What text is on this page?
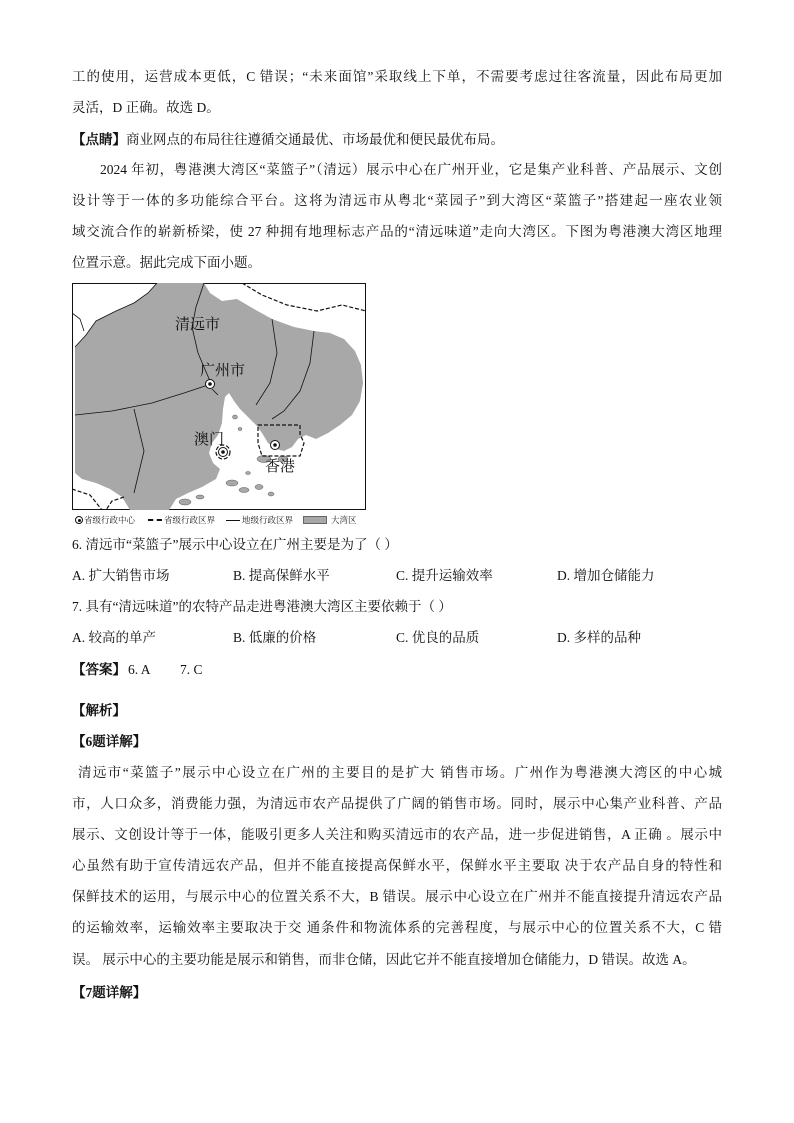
工的使用，运营成本更低，C 错误；“未来面馆”采取线上下单，不需要考虑过往客流量，因此布局更加
灵活，D 正确。故选 D。
【点睛】商业网点的布局往往遵循交通最优、市场最优和便民最优布局。
2024 年初，粤港澳大湾区“菜篮子”（清远）展示中心在广州开业，它是集产业科普、产品展示、文创
设计等于一体的多功能综合平台。这将为清远市从粤北“菜园子”到大湾区“菜篮子”搭建起一座农业领
域交流合作的崭新桥梁，使 27 种拥有地理标志产品的“清远味道”走向大湾区。下图为粤港澳大湾区地理
位置示意。据此完成下面小题。
清远市
广州市
澳门
香港
省级行政中心	省级行政区界	地级行政区界	大湾区
6. 清远市“菜篮子”展示中心设立在广州主要是为了（ ）
A. 扩大销售市场	B. 提高保鲜水平	C. 提升运输效率	D. 增加仓储能力
7. 具有“清远味道”的农特产品走进粤港澳大湾区主要依赖于（ ）
A. 较高的单产	B. 低廉的价格	C. 优良的品质	D. 多样的品种
【答案】 6. A 7. C
【解析】
【6题详解】
清远市“菜篮子”展示中心设立在广州的主要目的是扩大 销售市场。广州作为粤港澳大湾区的中心城
市，人口众多，消费能力强，为清远市农产品提供了广阔的销售市场。同时，展示中心集产业科普、产品
展示、文创设计等于一体，能吸引更多人关注和购买清远市的农产品，进一步促进销售，A 正确 。展示中
心虽然有助于宣传清远农产品，但并不能直接提高保鲜水平，保鲜水平主要取 决于农产品自身的特性和
保鲜技术的运用，与展示中心的位置关系不大，B 错误。展示中心设立在广州并不能直接提升清远农产品
的运输效率，运输效率主要取决于交 通条件和物流体系的完善程度，与展示中心的位置关系不大，C 错
误。 展示中心的主要功能是展示和销售，而非仓储，因此它并不能直接增加仓储能力，D 错误。故选 A。
【7题详解】
